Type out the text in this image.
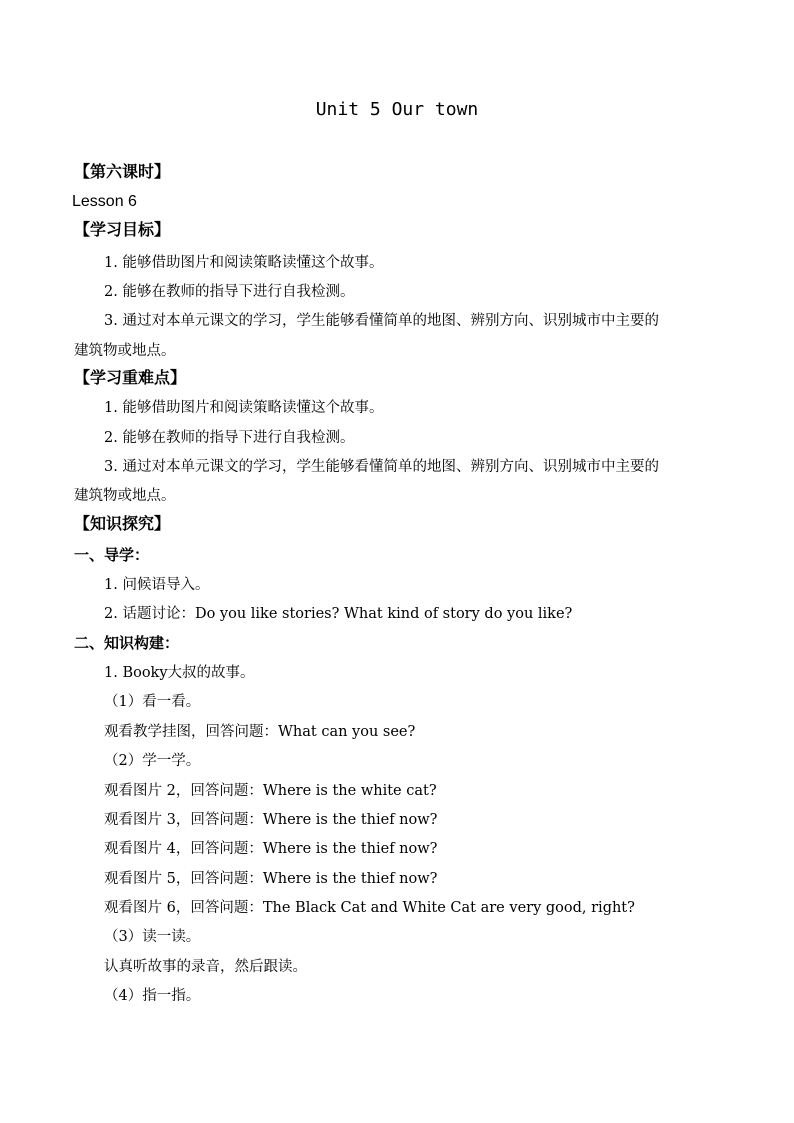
Unit 5 Our town
【第六课时】
Lesson 6
【学习目标】
1. 能够借助图片和阅读策略读懂这个故事。
2. 能够在教师的指导下进行自我检测。
3. 通过对本单元课文的学习，学生能够看懂简单的地图、辨别方向、识别城市中主要的
建筑物或地点。
【学习重难点】
1. 能够借助图片和阅读策略读懂这个故事。
2. 能够在教师的指导下进行自我检测。
3. 通过对本单元课文的学习，学生能够看懂简单的地图、辨别方向、识别城市中主要的
建筑物或地点。
【知识探究】
一、导学：
1. 问候语导入。
2. 话题讨论：Do you like stories? What kind of story do you like?
二、知识构建：
1. Booky大叔的故事。
（1）看一看。
观看教学挂图，回答问题：What can you see?
（2）学一学。
观看图片 2，回答问题：Where is the white cat?
观看图片 3，回答问题：Where is the thief now?
观看图片 4，回答问题：Where is the thief now?
观看图片 5，回答问题：Where is the thief now?
观看图片 6，回答问题：The Black Cat and White Cat are very good, right?
（3）读一读。
认真听故事的录音，然后跟读。
（4）指一指。
